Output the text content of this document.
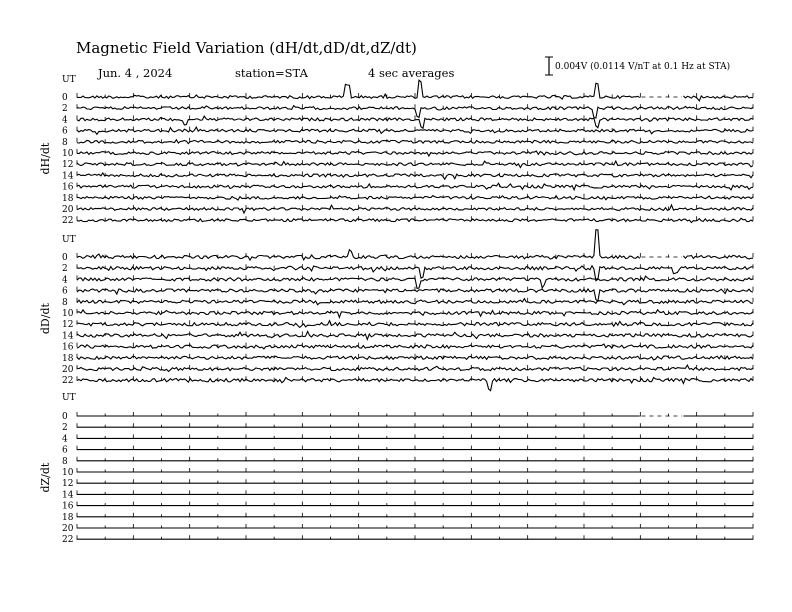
Magnetic Field Variation (dH/dt,dD/dt,dZ/dt)
Jun. 4 , 2024	station=STA	4 sec averages	0.004V (0.0114 V/nT at 0.1 Hz at STA)
UT
dH/dt
0
2
4
6
8
10
12
14
16
18
20
22
UT
dD/dt
0
2
4
6
8
10
12
14
16
18
20
22
UT
dZ/dt
0
2
4
6
8
10
12
14
16
18
20
22
